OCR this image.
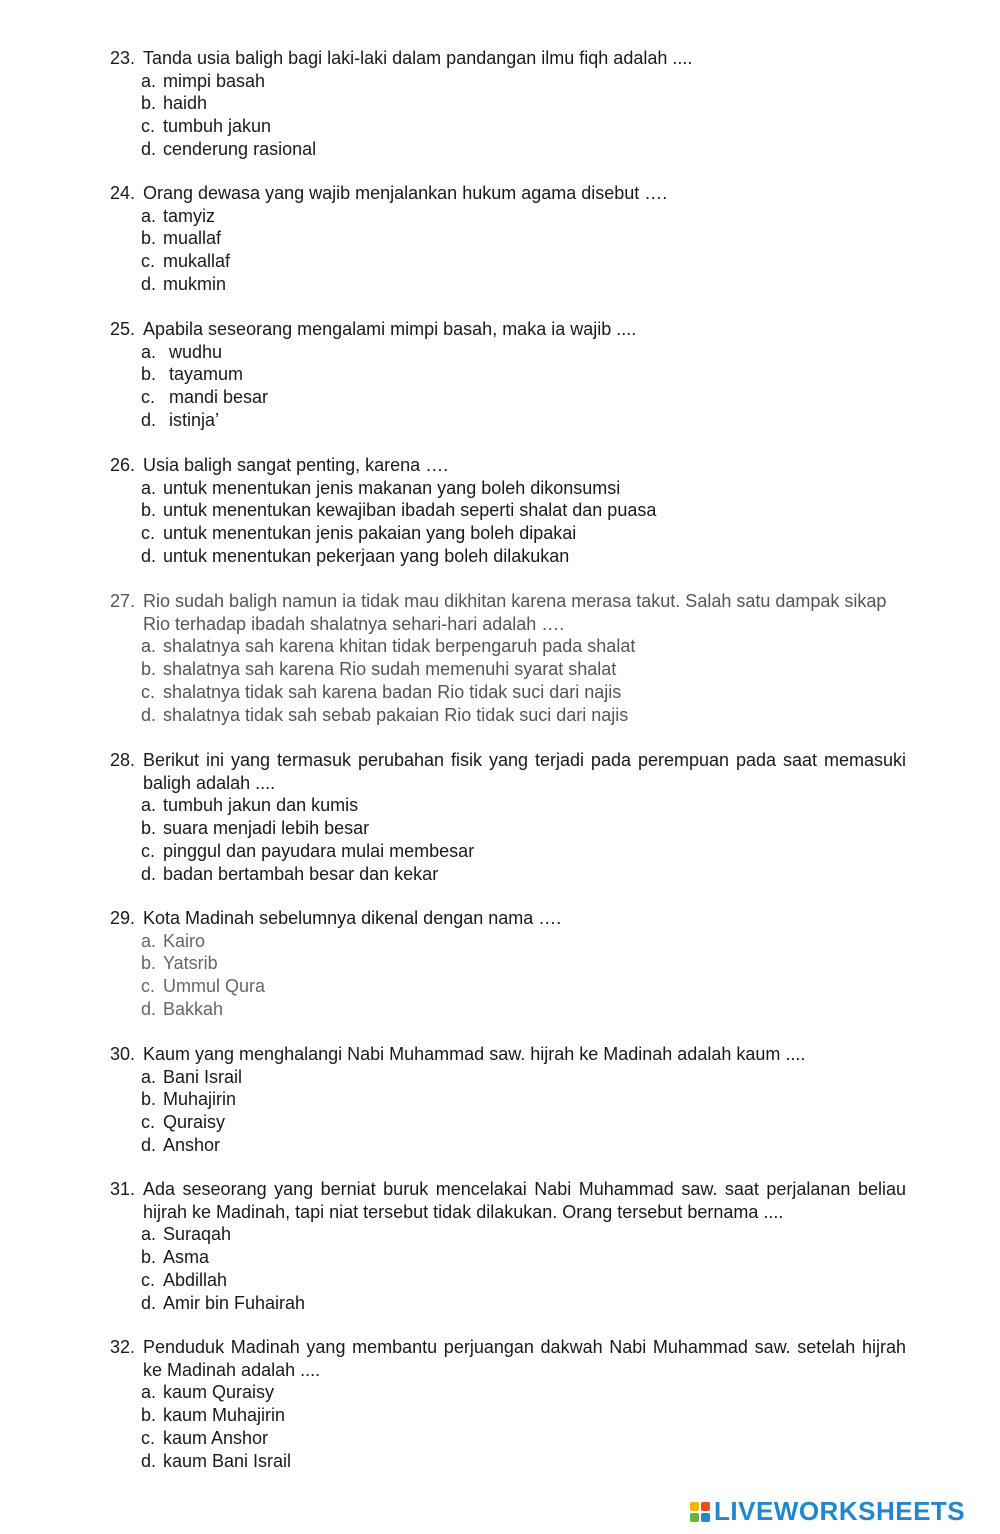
23. Tanda usia baligh bagi laki-laki dalam pandangan ilmu fiqh adalah ....
a. mimpi basah
b. haidh
c. tumbuh jakun
d. cenderung rasional
24. Orang dewasa yang wajib menjalankan hukum agama disebut ….
a. tamyiz
b. muallaf
c. mukallaf
d. mukmin
25. Apabila seseorang mengalami mimpi basah, maka ia wajib ....
a. wudhu
b. tayamum
c. mandi besar
d. istinja’
26. Usia baligh sangat penting, karena ….
a. untuk menentukan jenis makanan yang boleh dikonsumsi
b. untuk menentukan kewajiban ibadah seperti shalat dan puasa
c. untuk menentukan jenis pakaian yang boleh dipakai
d. untuk menentukan pekerjaan yang boleh dilakukan
27. Rio sudah baligh namun ia tidak mau dikhitan karena merasa takut. Salah satu dampak sikap Rio terhadap ibadah shalatnya sehari-hari adalah ….
a. shalatnya sah karena khitan tidak berpengaruh pada shalat
b. shalatnya sah karena Rio sudah memenuhi syarat shalat
c. shalatnya tidak sah karena badan Rio tidak suci dari najis
d. shalatnya tidak sah sebab pakaian Rio tidak suci dari najis
28. Berikut ini yang termasuk perubahan fisik yang terjadi pada perempuan pada saat memasuki baligh adalah ....
a. tumbuh jakun dan kumis
b. suara menjadi lebih besar
c. pinggul dan payudara mulai membesar
d. badan bertambah besar dan kekar
29. Kota Madinah sebelumnya dikenal dengan nama ….
a. Kairo
b. Yatsrib
c. Ummul Qura
d. Bakkah
30. Kaum yang menghalangi Nabi Muhammad saw. hijrah ke Madinah adalah kaum ....
a. Bani Israil
b. Muhajirin
c. Quraisy
d. Anshor
31. Ada seseorang yang berniat buruk mencelakai Nabi Muhammad saw. saat perjalanan beliau hijrah ke Madinah, tapi niat tersebut tidak dilakukan. Orang tersebut bernama ....
a. Suraqah
b. Asma
c. Abdillah
d. Amir bin Fuhairah
32. Penduduk Madinah yang membantu perjuangan dakwah Nabi Muhammad saw. setelah hijrah ke Madinah adalah ....
a. kaum Quraisy
b. kaum Muhajirin
c. kaum Anshor
d. kaum Bani Israil
LIVEWORKSHEETS
